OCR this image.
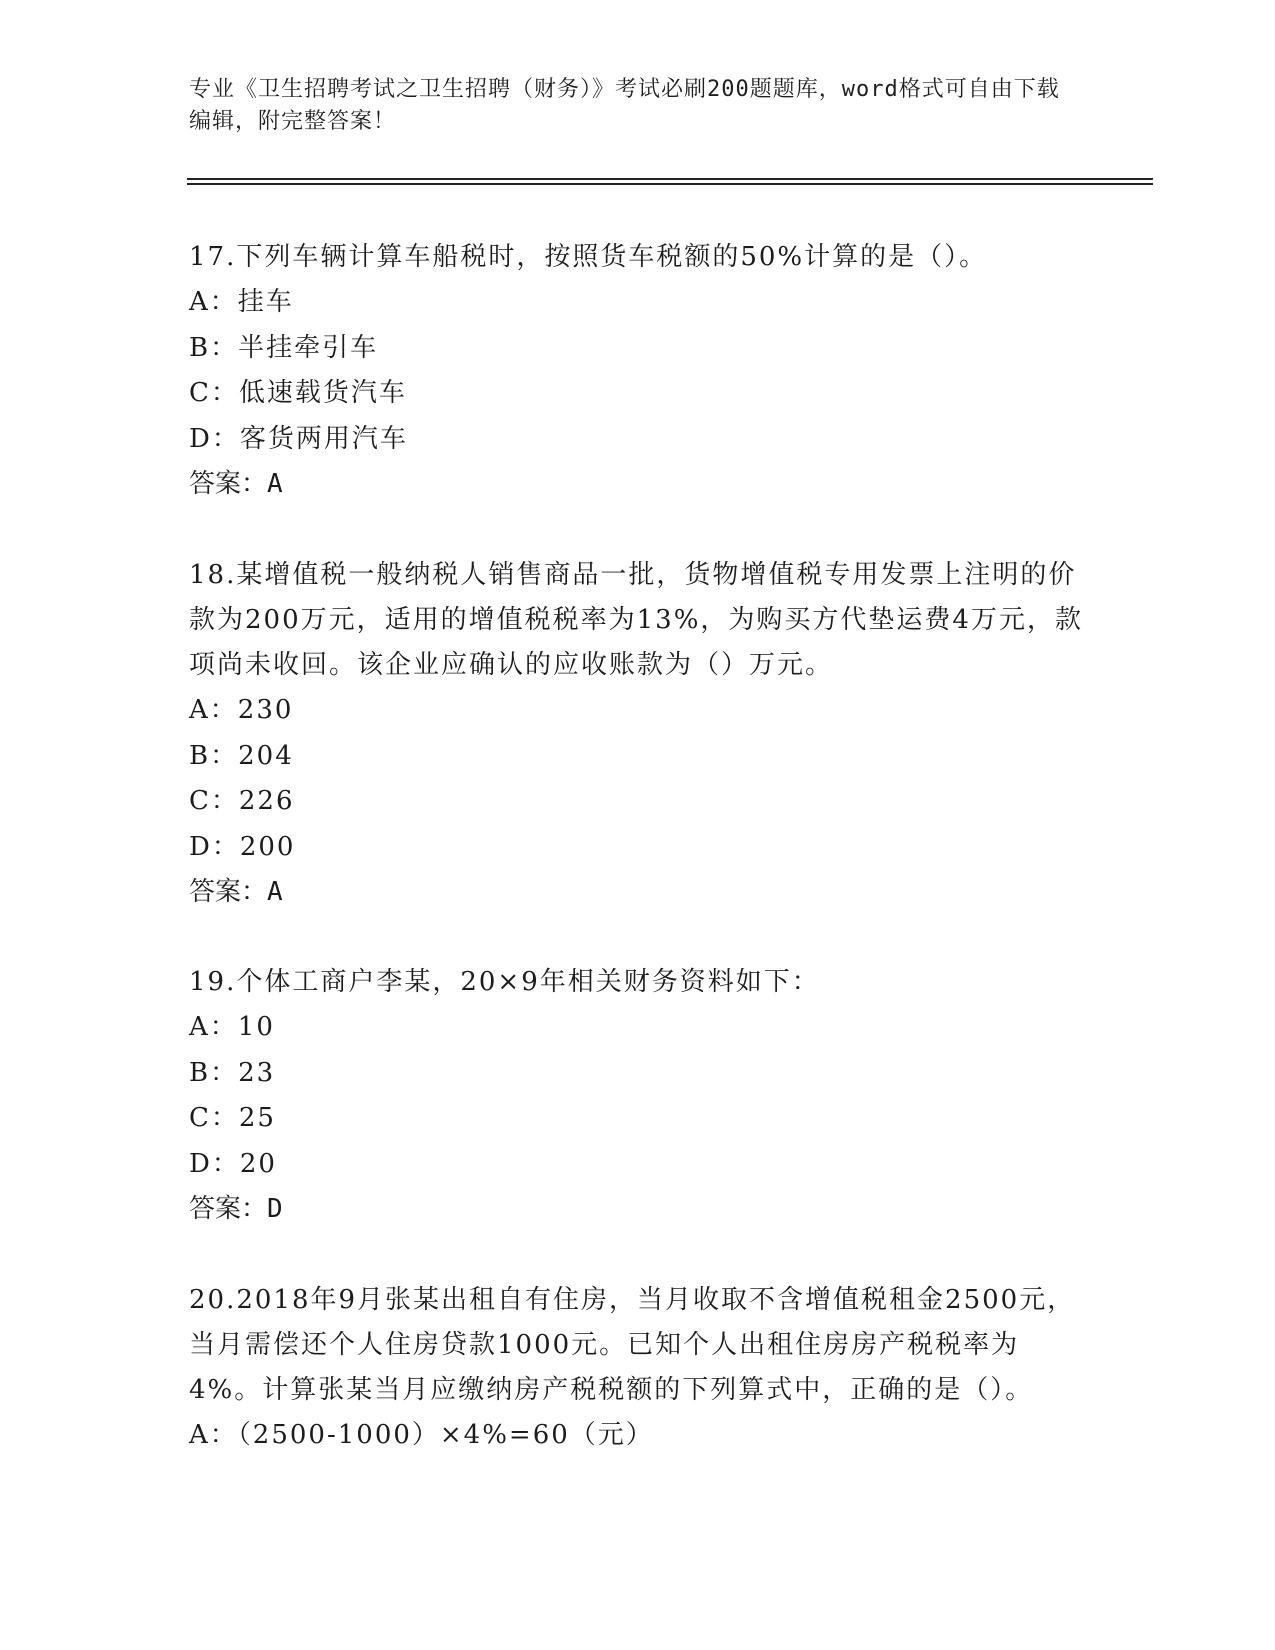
专业《卫生招聘考试之卫生招聘（财务）》考试必刷200题题库，word格式可自由下载编辑，附完整答案！
17.下列车辆计算车船税时，按照货车税额的50%计算的是（）。
A：挂车
B：半挂牵引车
C：低速载货汽车
D：客货两用汽车
答案：A
18.某增值税一般纳税人销售商品一批，货物增值税专用发票上注明的价款为200万元，适用的增值税税率为13%，为购买方代垫运费4万元，款项尚未收回。该企业应确认的应收账款为（）万元。
A：230
B：204
C：226
D：200
答案：A
19.个体工商户李某，20×9年相关财务资料如下：
A：10
B：23
C：25
D：20
答案：D
20.2018年9月张某出租自有住房，当月收取不含增值税租金2500元，当月需偿还个人住房贷款1000元。已知个人出租住房房产税税率为4%。计算张某当月应缴纳房产税税额的下列算式中，正确的是（）。
A：（2500-1000）×4%=60（元）
